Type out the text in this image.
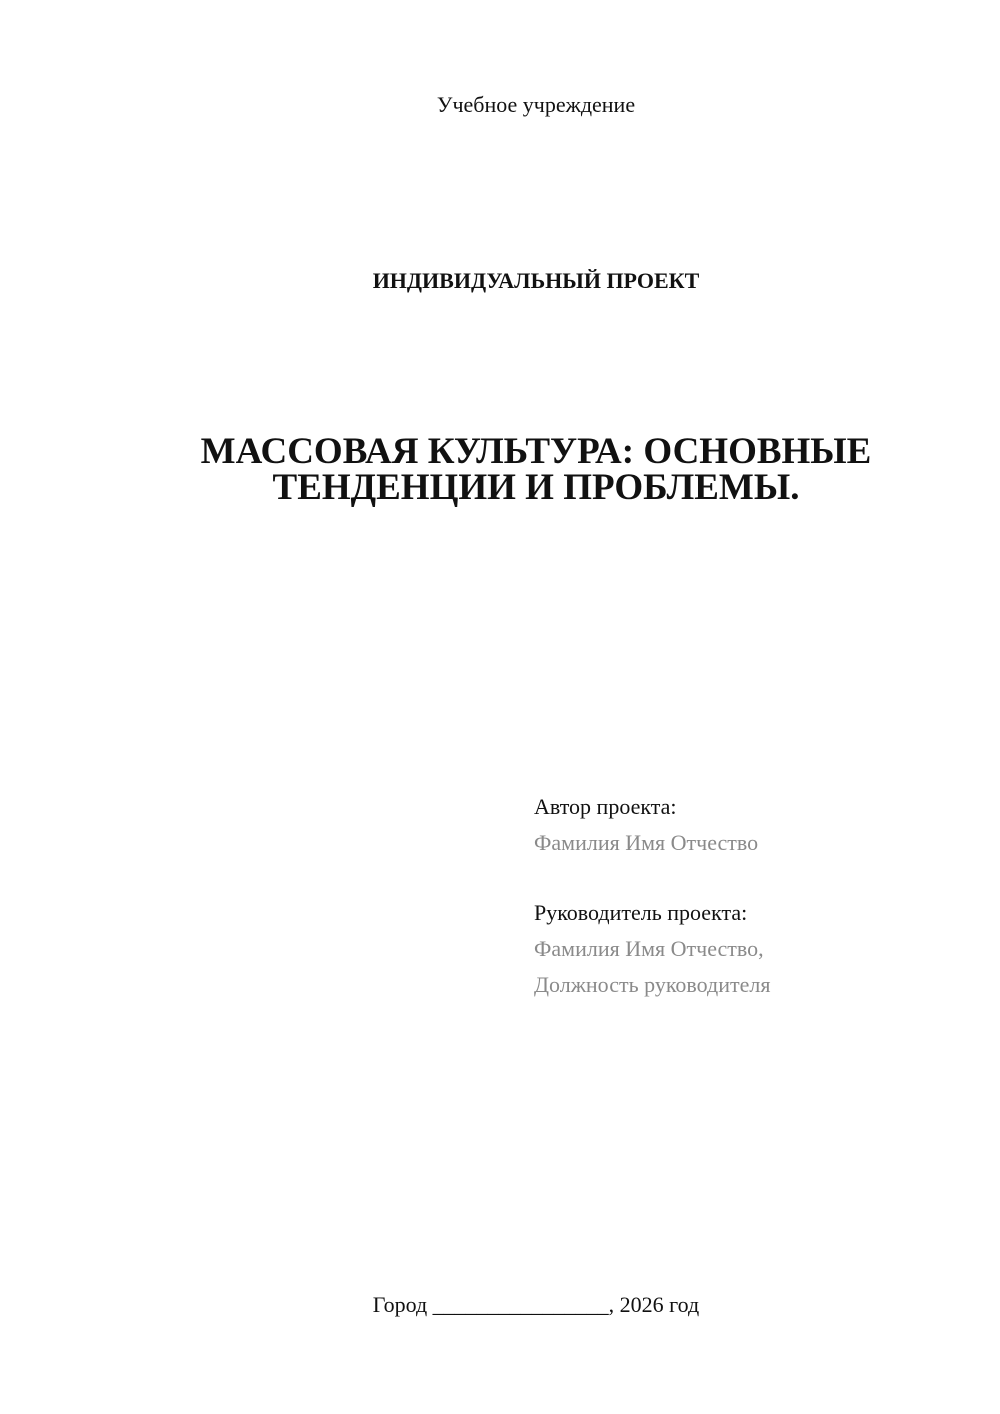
Учебное учреждение
ИНДИВИДУАЛЬНЫЙ ПРОЕКТ
МАССОВАЯ КУЛЬТУРА: ОСНОВНЫЕ
ТЕНДЕНЦИИ И ПРОБЛЕМЫ.
Автор проекта:
Фамилия Имя Отчество
Руководитель проекта:
Фамилия Имя Отчество,
Должность руководителя
Город ________________, 2026 год
